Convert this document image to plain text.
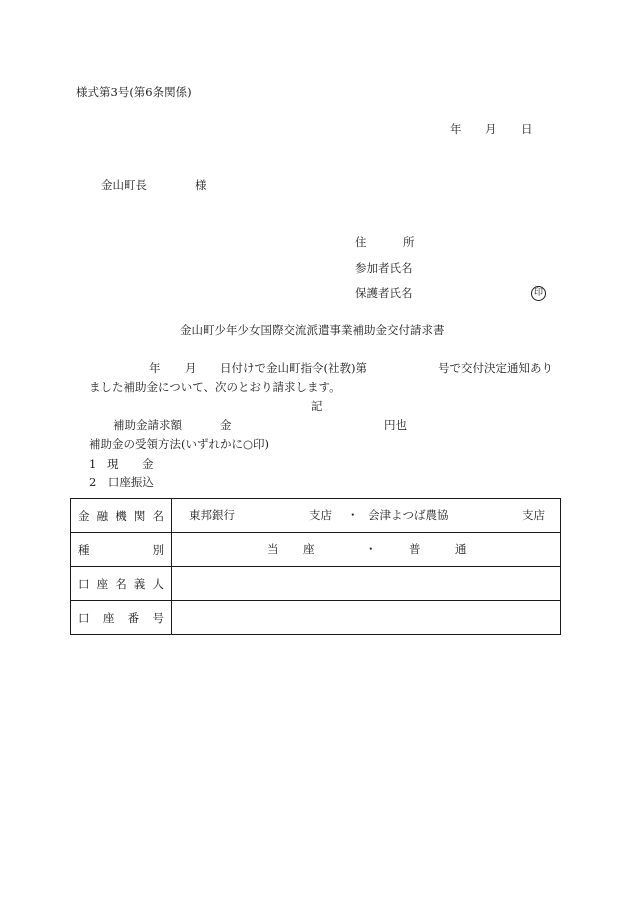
様式第3号(第6条関係)
年 月 日
金山町長	様
住	所
参加者氏名
保護者氏名	印
金山町少年少女国際交流派遣事業補助金交付請求書
年 月 日付けで金山町指令(社教)第	号で交付決定通知あり
ました補助金について、次のとおり請求します。
記
補助金請求額	金	円也
補助金の受領方法(いずれかに○印)
1 現 金
2　口座振込
金 融 機 関 名	東邦銀行 支店 ・ 会津よつば農協 支店

種 別	当 座 ・ 普 通

口 座 名 義 人	

口 座 番 号	
